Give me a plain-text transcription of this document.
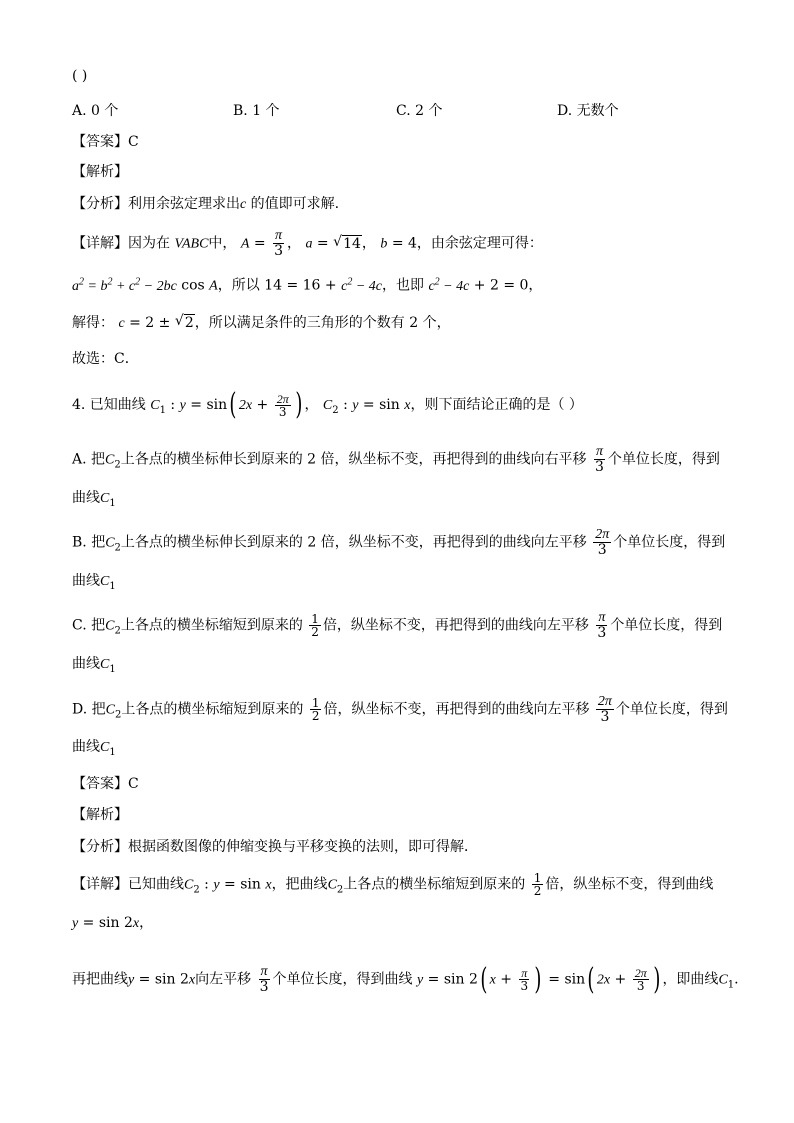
( )
A. 0 个	B. 1 个	C. 2 个	D. 无数个
【答案】C
【解析】
【分析】利用余弦定理求出c 的值即可求解.
【详解】因为在 VABC中， $A = \frac{\pi}{3}$ ， a = √ 14， b = 4，由余弦定理可得：
$a^2 = b^2 + c^2 - 2bc$ cos A，所以 $14 = 16 + c^2 - 4c$，也即 $c^2 - 4c + 2 = 0$，
解得： c = 2 ± √ 2，所以满足条件的三角形的个数有 2 个，
故选：C．
4. 已知曲线 $C_1$ : y = sin( $2x + \frac{2\pi}{3}$ ) ， $C_2$ : y = sin x，则下面结论正确的是（ ）
A. 把$C_2$上各点的横坐标伸长到原来的 2 倍，纵坐标不变，再把得到的曲线向右平移 $\frac{\pi}{3}$ 个单位长度，得到
曲线$C_1$
B. 把$C_2$上各点的横坐标伸长到原来的 2 倍，纵坐标不变，再把得到的曲线向左平移 $\frac{2\pi}{3}$ 个单位长度，得到
曲线$C_1$
C. 把$C_2$上各点的横坐标缩短到原来的 $\frac{1}{2}$ 倍，纵坐标不变，再把得到的曲线向左平移 $\frac{\pi}{3}$ 个单位长度，得到
曲线$C_1$
D. 把$C_2$上各点的横坐标缩短到原来的 $\frac{1}{2}$ 倍，纵坐标不变，再把得到的曲线向左平移 $\frac{2\pi}{3}$ 个单位长度，得到
曲线$C_1$
【答案】C
【解析】
【分析】根据函数图像的伸缩变换与平移变换的法则，即可得解．
【详解】已知曲线$C_2$ : y = sin x，把曲线$C_2$上各点的横坐标缩短到原来的 $\frac{1}{2}$ 倍，纵坐标不变，得到曲线
y = sin 2x，
再把曲线y = sin 2x向左平移 $\frac{\pi}{3}$ 个单位长度，得到曲线 y = sin 2( $x + \frac{\pi}{3}$ ) = sin( $2x + \frac{2\pi}{3}$ ) ，即曲线$C_1$.
